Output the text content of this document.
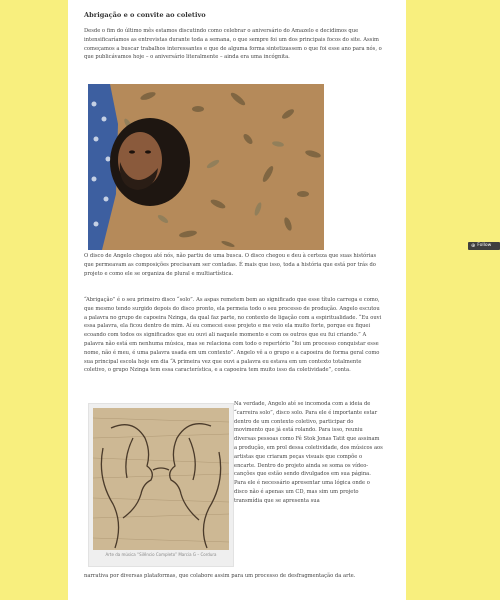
Abrigação e o convite ao coletivo

Desde o fim do último mês estamos discutindo como celebrar o aniversário do Amazelo e decidimos que intensificaríamos as entrevistas durante toda a semana, o que sempre foi um dos principais focos do site. Assim começamos a buscar trabalhos interessantes e que de alguma forma sintetizassem o que foi esse ano para nós, o que publicávamos hoje – o aniversário literalmente – ainda era uma incógnita.

O disco de Angelo chegou até nós, não partiu de uma busca. O disco chegou e deu à certeza que suas histórias que permeavam as composições precisavam ser contadas. É mais que isso, toda a história que está por trás do projeto e como ele se organiza de plural e multiartística.

“Abrigação” é o seu primeiro disco “solo”. As aspas remetem bem ao significado que esse título carrega e como, que mesmo tendo surgido depois do disco pronto, ela permeia todo o seu processo de produção. Angelo escutou a palavra no grupo de capoeira Nzinga, da qual faz parte, no contexto de ligação com a espiritualidade. “Eu ouvi essa palavra, ela ficou dentro de mim. Aí eu comecei esse projeto e me veio ela muito forte, porque eu fiquei ecoando com todos os significados que eu ouvi ali naquele momento e com os outros que eu fui criando.” A palavra não está em nenhuma música, mas se relaciona com todo o repertório “foi um processo conquistar esse nome, não é meu, é uma palavra usada em um contexto”. Angelo vê a o grupo e a capoeira de forma geral como sua principal escola hoje em dia “A primeira vez que ouvi a palavra eu estava em um contexto totalmente coletivo, o grupo Nzinga tem essa característica, e a capoeira tem muito isso da coletividade”, conta.

Arte da música “Silêncio Completo” Marcia G – Cordura

Na verdade, Angelo até se incomoda com a ideia de “carreira solo”, disco solo. Para ele é importante estar dentro de um contexto coletivo, participar do movimento que já está rolando. Para isso, reuniu diversas pessoas como Fê Stok Jonas Tatit que assinam a produção, em prol dessa coletividade, dos músicos aos artistas que criaram peças visuais que compõe o encarte. Dentro do projeto ainda se soma os vídeo-canções que estão sendo divulgados em sua página. Para ele é necessário apresentar uma lógica onde o disco não é apenas um CD, mas sim um projeto transmídia que se apresenta sua

narrativa por diversas plataformas, que colabore assim para um processo de desfragmentação da arte.

⊕ Follow
